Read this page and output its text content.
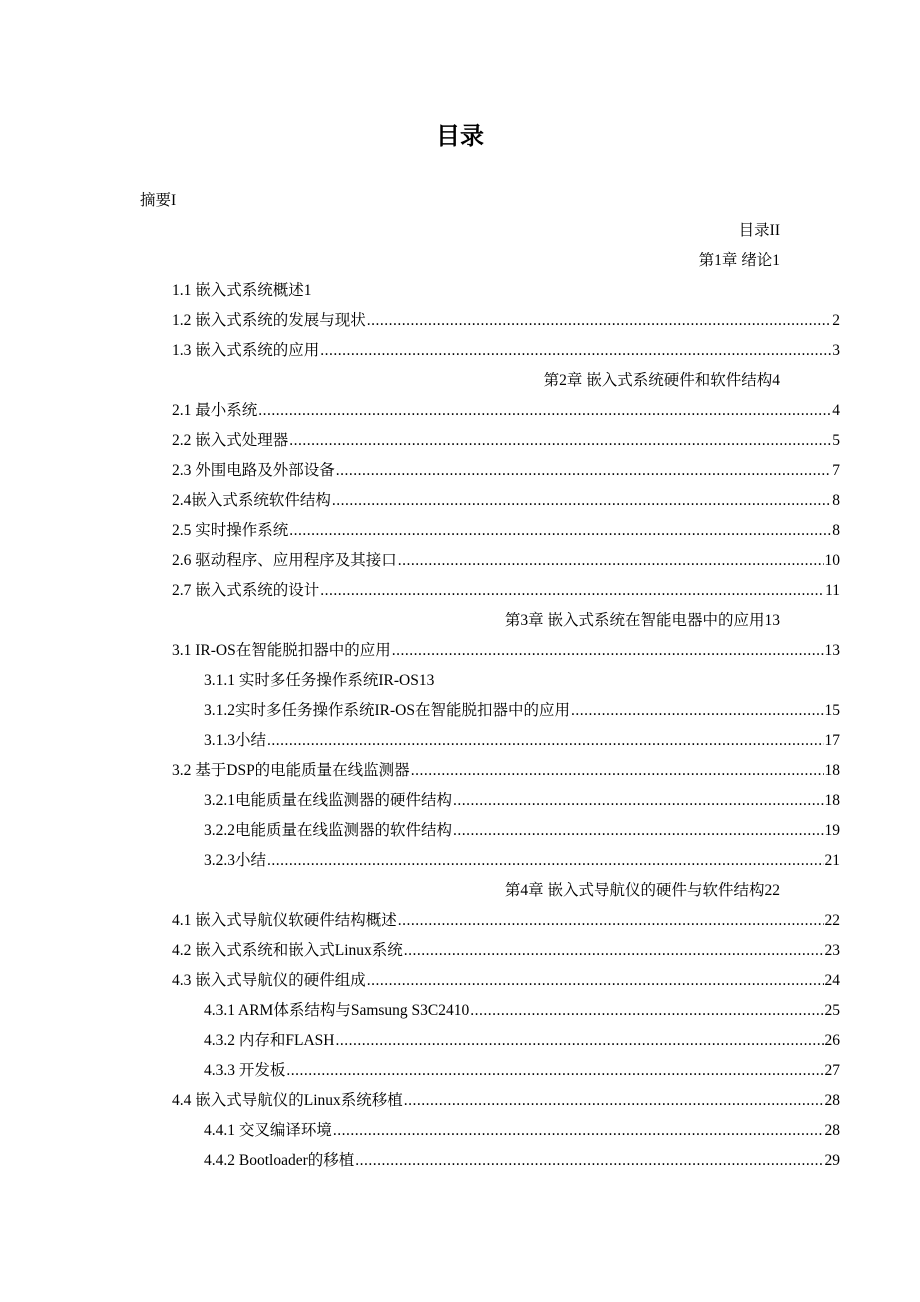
目录
摘要I
目录II
第1章 绪论1
1.1 嵌入式系统概述1
1.2 嵌入式系统的发展与现状 .....	2
1.3 嵌入式系统的应用 .....	3
第2章 嵌入式系统硬件和软件结构4
2.1 最小系统 .....	4
2.2 嵌入式处理器 .....	5
2.3 外围电路及外部设备 .....	7
2.4嵌入式系统软件结构 .....	8
2.5 实时操作系统 .....	8
2.6 驱动程序、应用程序及其接口 .....	10
2.7 嵌入式系统的设计 .....	11
第3章 嵌入式系统在智能电器中的应用13
3.1 IR-OS在智能脱扣器中的应用 .....	13
3.1.1 实时多任务操作系统IR-OS13
3.1.2实时多任务操作系统IR-OS在智能脱扣器中的应用 .....	15
3.1.3小结 .....	17
3.2 基于DSP的电能质量在线监测器 .....	18
3.2.1电能质量在线监测器的硬件结构 .....	18
3.2.2电能质量在线监测器的软件结构 .....	19
3.2.3小结 .....	21
第4章 嵌入式导航仪的硬件与软件结构22
4.1 嵌入式导航仪软硬件结构概述 .....	22
4.2 嵌入式系统和嵌入式Linux系统 .....	23
4.3 嵌入式导航仪的硬件组成 .....	24
4.3.1 ARM体系结构与Samsung S3C2410 .....	25
4.3.2 内存和FLASH .....	26
4.3.3 开发板 .....	27
4.4 嵌入式导航仪的Linux系统移植 .....	28
4.4.1 交叉编译环境 .....	28
4.4.2 Bootloader的移植 .....	29
